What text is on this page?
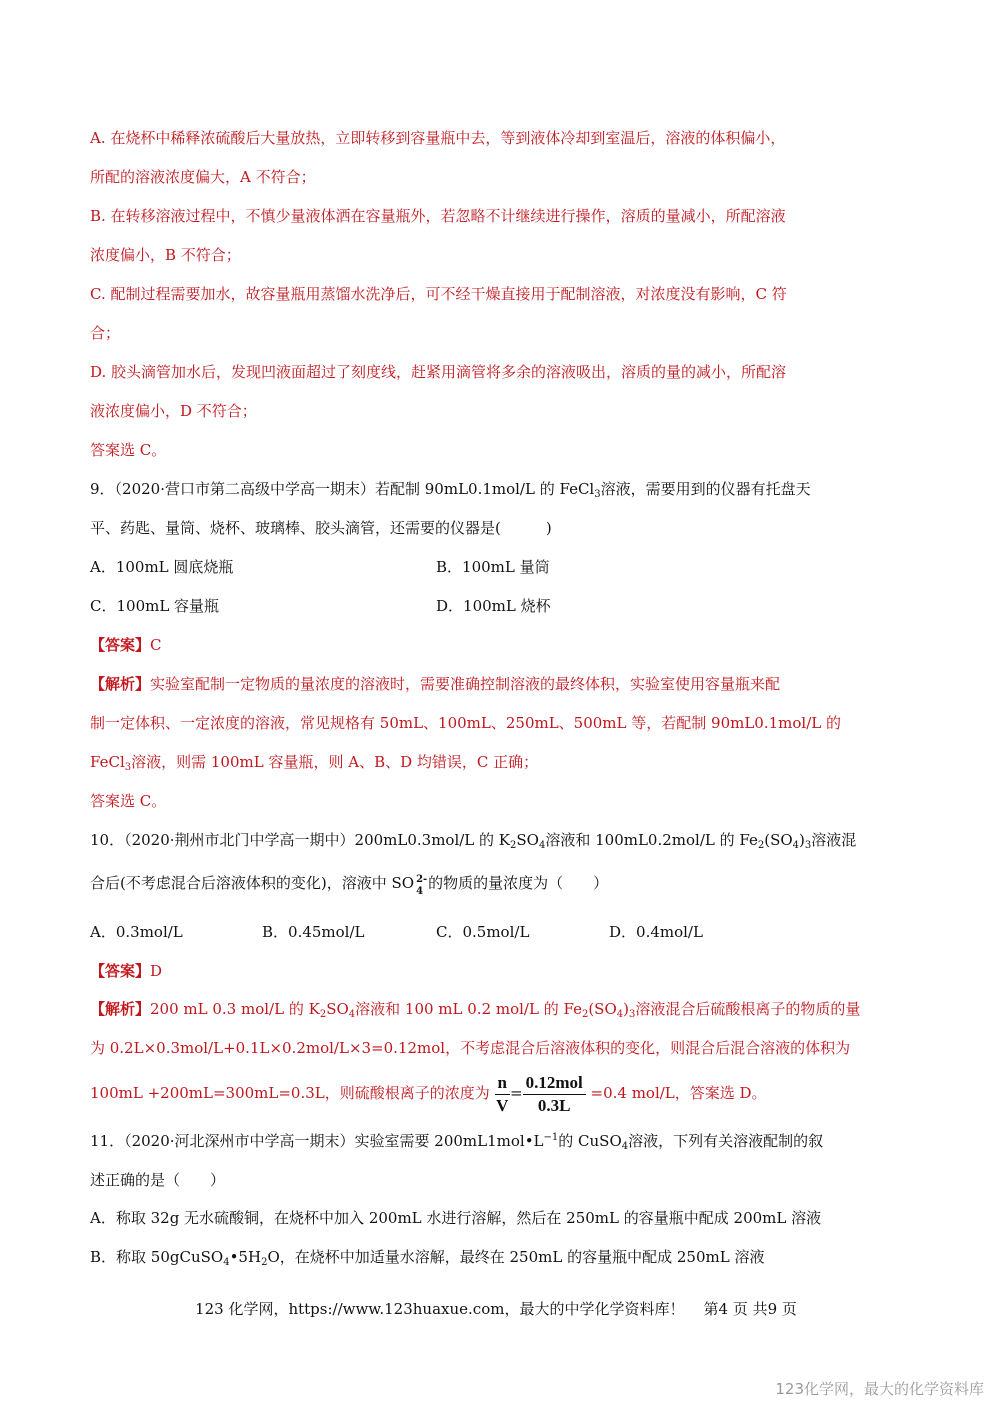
A. 在烧杯中稀释浓硫酸后大量放热，立即转移到容量瓶中去，等到液体冷却到室温后，溶液的体积偏小，
所配的溶液浓度偏大，A 不符合；
B. 在转移溶液过程中，不慎少量液体洒在容量瓶外，若忽略不计继续进行操作，溶质的量减小，所配溶液
浓度偏小，B 不符合；
C. 配制过程需要加水，故容量瓶用蒸馏水洗净后，可不经干燥直接用于配制溶液，对浓度没有影响，C 符
合；
D. 胶头滴管加水后，发现凹液面超过了刻度线，赶紧用滴管将多余的溶液吸出，溶质的量的减小，所配溶
液浓度偏小，D 不符合；
答案选 C。
9．（2020·营口市第二高级中学高一期末）若配制 90mL0.1mol/L 的 FeCl$_3$溶液，需要用到的仪器有托盘天
平、药匙、量筒、烧杯、玻璃棒、胶头滴管，还需要的仪器是(　　　)
A．100mL 圆底烧瓶	B．100mL 量筒
C．100mL 容量瓶	D．100mL 烧杯
【答案】C
【解析】实验室配制一定物质的量浓度的溶液时，需要准确控制溶液的最终体积，实验室使用容量瓶来配
制一定体积、一定浓度的溶液，常见规格有 50mL、100mL、250mL、500mL 等，若配制 90mL0.1mol/L 的
FeCl$_3$溶液，则需 100mL 容量瓶，则 A、B、D 均错误，C 正确；
答案选 C。
10．（2020·荆州市北门中学高一期中）200mL0.3mol/L 的 $K_2SO_4$溶液和 100mL0.2mol/L 的 $Fe_2(SO_4)_3$溶液混
合后(不考虑混合后溶液体积的变化)，溶液中 SO 2-
4 的物质的量浓度为（　　）
A．0.3mol/L	B．0.45mol/L	C．0.5mol/L	D．0.4mol/L
【答案】D
【解析】200 mL 0.3 mol/L 的 $K_2SO_4$溶液和 100 mL 0.2 mol/L 的 $Fe_2(SO_4)_3$溶液混合后硫酸根离子的物质的量
为 0.2L×0.3mol/L+0.1L×0.2mol/L×3=0.12mol，不考虑混合后溶液体积的变化，则混合后混合溶液的体积为
100mL +200mL=300mL=0.3L，则硫酸根离子的浓度为 $\frac{n}{V} = \frac{\text{0.12mol}}{0.3L} =0.4$ mol/L，答案选 D。
11．（2020·河北深州市中学高一期末）实验室需要 $200mL1mol•L^{-1}$的 CuSO$_4$溶液，下列有关溶液配制的叙
述正确的是（　　）
A．称取 32g 无水硫酸铜，在烧杯中加入 200mL 水进行溶解，然后在 250mL 的容量瓶中配成 200mL 溶液
B．称取 $50gCuSO_4•5H_2O$，在烧杯中加适量水溶解，最终在 250mL 的容量瓶中配成 250mL 溶液
123 化学网，https://www.123huaxue.com，最大的中学化学资料库！ 第4 页 共9 页
123化学网，最大的化学资料库
